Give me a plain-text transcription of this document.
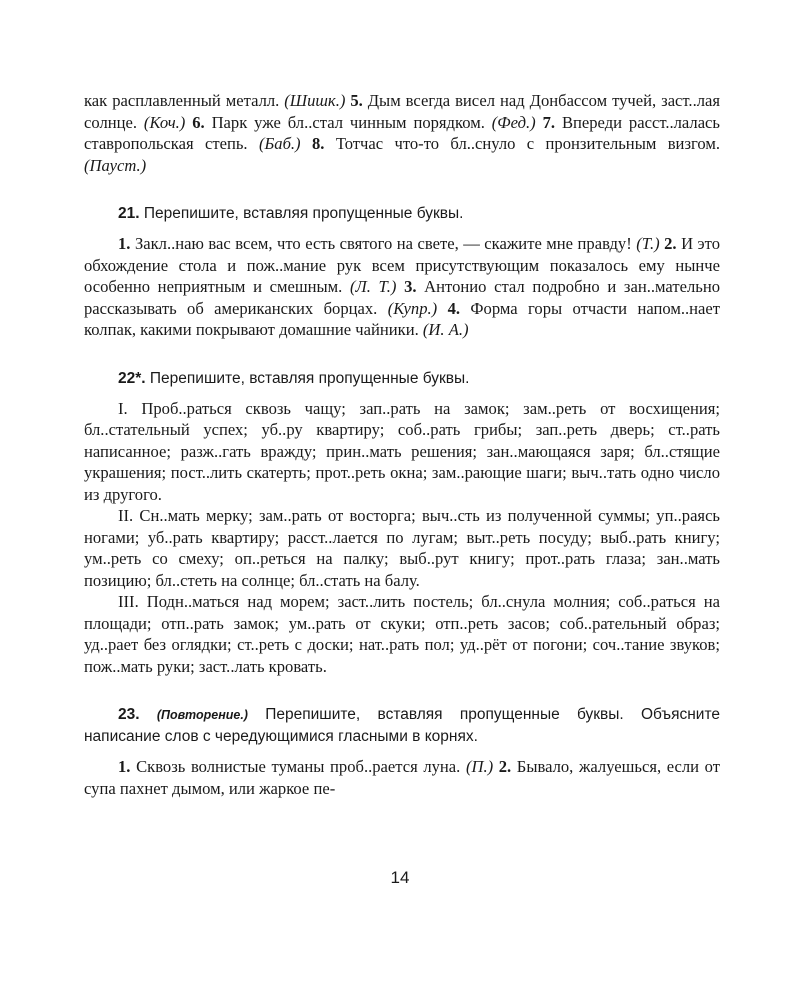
как расплавленный металл. (Шишк.) 5. Дым всегда висел над Донбассом тучей, заст..лая солнце. (Коч.) 6. Парк уже бл..стал чинным порядком. (Фед.) 7. Впереди расст..лалась ставропольская степь. (Баб.) 8. Тотчас что-то бл..снуло с пронзительным визгом. (Пауст.)

21. Перепишите, вставляя пропущенные буквы.

1. Закл..наю вас всем, что есть святого на свете, — скажите мне правду! (Т.) 2. И это обхождение стола и пож..мание рук всем присутствующим показалось ему нынче особенно неприятным и смешным. (Л. Т.) 3. Антонио стал подробно и зан..мательно рассказывать об американских борцах. (Купр.) 4. Форма горы отчасти напом..нает колпак, какими покрывают домашние чайники. (И. А.)

22*. Перепишите, вставляя пропущенные буквы.

I. Проб..раться сквозь чащу; зап..рать на замок; зам..реть от восхищения; бл..стательный успех; уб..ру квартиру; соб..рать грибы; зап..реть дверь; ст..рать написанное; разж..гать вражду; прин..мать решения; зан..мающаяся заря; бл..стящие украшения; пост..лить скатерть; прот..реть окна; зам..рающие шаги; выч..тать одно число из другого.

II. Сн..мать мерку; зам..рать от восторга; выч..сть из полученной суммы; уп..раясь ногами; уб..рать квартиру; расст..лается по лугам; выт..реть посуду; выб..рать книгу; ум..реть со смеху; оп..реться на палку; выб..рут книгу; прот..рать глаза; зан..мать позицию; бл..стеть на солнце; бл..стать на балу.

III. Подн..маться над морем; заст..лить постель; бл..снула молния; соб..раться на площади; отп..рать замок; ум..рать от скуки; отп..реть засов; соб..рательный образ; уд..рает без оглядки; ст..реть с доски; нат..рать пол; уд..рёт от погони; соч..тание звуков; пож..мать руки; заст..лать кровать.

23. (Повторение.) Перепишите, вставляя пропущенные буквы. Объясните написание слов с чередующимися гласными в корнях.

1. Сквозь волнистые туманы проб..рается луна. (П.) 2. Бывало, жалуешься, если от супа пахнет дымом, или жаркое пе-

14
